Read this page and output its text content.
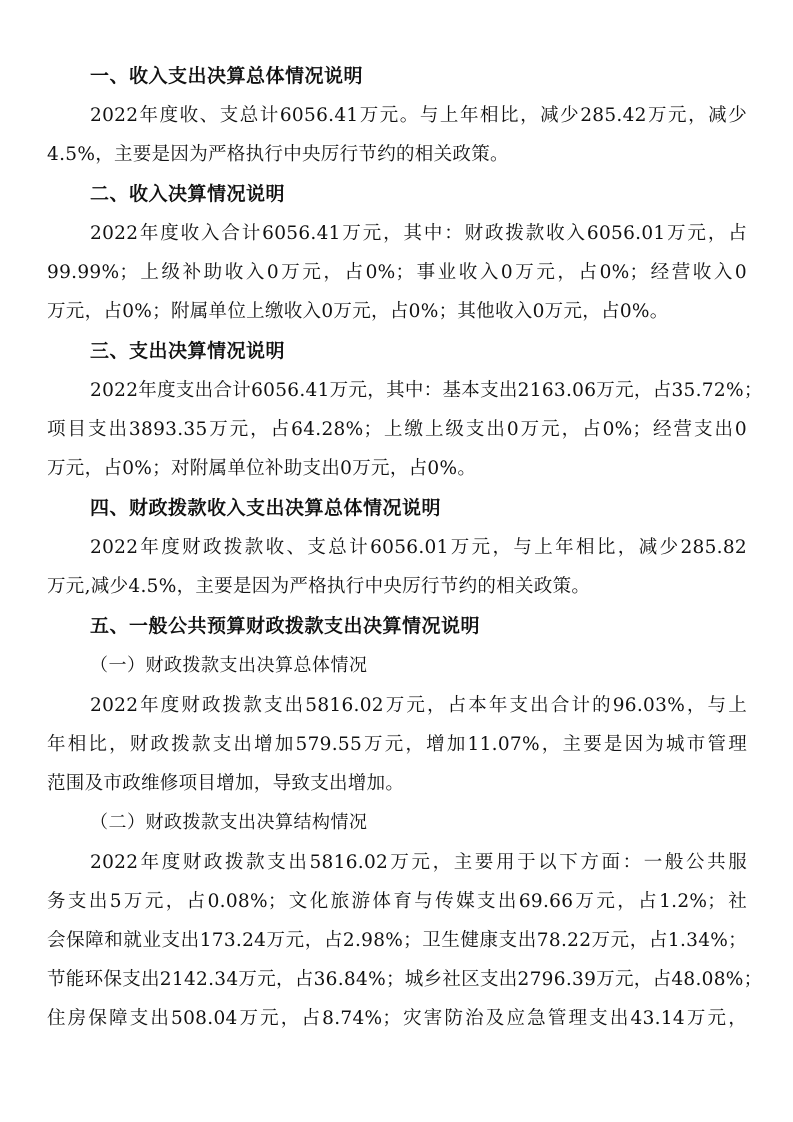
一、收入支出决算总体情况说明
2022年度收、支总计6056.41万元。与上年相比，减少285.42万元，减少
4.5%，主要是因为严格执行中央厉行节约的相关政策。
二、收入决算情况说明
2022年度收入合计6056.41万元，其中：财政拨款收入6056.01万元，占
99.99%；上级补助收入0万元，占0%；事业收入0万元，占0%；经营收入0
万元，占0%；附属单位上缴收入0万元，占0%；其他收入0万元，占0%。
三、支出决算情况说明
2022年度支出合计6056.41万元，其中：基本支出2163.06万元，占35.72%；
项目支出3893.35万元，占64.28%；上缴上级支出0万元，占0%；经营支出0
万元，占0%；对附属单位补助支出0万元，占0%。
四、财政拨款收入支出决算总体情况说明
2022年度财政拨款收、支总计6056.01万元，与上年相比，减少285.82
万元,减少4.5%，主要是因为严格执行中央厉行节约的相关政策。
五、一般公共预算财政拨款支出决算情况说明
（一）财政拨款支出决算总体情况
2022年度财政拨款支出5816.02万元，占本年支出合计的96.03%，与上
年相比，财政拨款支出增加579.55万元，增加11.07%，主要是因为城市管理
范围及市政维修项目增加，导致支出增加。
（二）财政拨款支出决算结构情况
2022年度财政拨款支出5816.02万元，主要用于以下方面：一般公共服
务支出5万元，占0.08%；文化旅游体育与传媒支出69.66万元，占1.2%；社
会保障和就业支出173.24万元，占2.98%；卫生健康支出78.22万元，占1.34%；
节能环保支出2142.34万元，占36.84%；城乡社区支出2796.39万元，占48.08%；
住房保障支出508.04万元，占8.74%；灾害防治及应急管理支出43.14万元，
